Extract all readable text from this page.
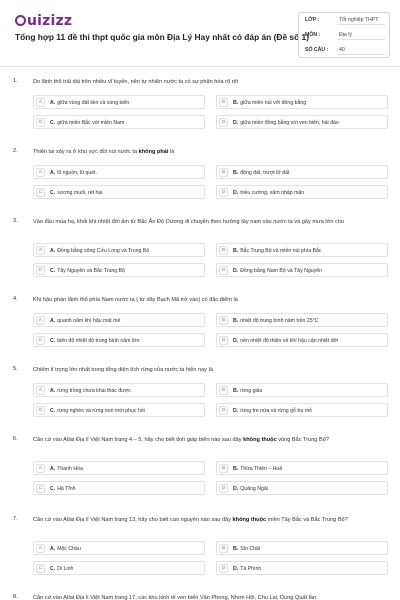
uizizz
Tổng hợp 11 đề thi thpt quốc gia môn Địa Lý Hay nhất có đáp án (Đề số 1)
LỚP :	Tốt nghiệp THPT
MÔN :	Địa lý
SỐ CÂU : 40
1.	Do lãnh thổ trải dài trên nhiều vĩ tuyến, nên tự nhiên nước ta có sự phân hóa rõ rệt
A	A. giữa vùng đất liền và vùng biển	B	B. giữa miền núi với đồng bằng
C	C. giữa miền Bắc với miền Nam	D	D. giữa miền đồng bằng với ven biển, hải đảo
2.	Thiên tai xảy ra ở khu vực đồi núi nước ta không phải là
A	A. lũ nguồn, lũ quét.	B	B. động đất, trượt lở đất
C	C. sương muối, rét hại	D	D. triều cường, xâm nhập mặn
3.	Vào đầu mùa hạ, khối khí nhiệt đới ẩm từ Bắc Ấn Độ Dương di chuyển theo hướng tây nam vào nước ta và gây mưa lớn cho
A	A. Đồng bằng sông Cửu Long và Trung Bộ	B	B. Bắc Trung Bộ và miền núi phía Bắc
C	C. Tây Nguyên và Bắc Trung Bộ	D	D. Đồng bằng Nam Bộ và Tây Nguyên
4.	Khí hậu phần lãnh thổ phía Nam nước ta ( từ dãy Bạch Mã trở vào) có đặc điểm là
A	A. quanh năm khí hậu mát mẻ	B	B. nhiệt độ trung bình năm trên 25°C
C	C. biên độ nhiệt độ trung bình năm lớn	D	D. nền nhiệt độ thiên về khí hậu cận nhiệt đới
5.	Chiếm tỉ trọng lớn nhất trong tổng diện tích rừng của nước ta hiện nay là
A	A. rừng trồng chưa khai thác được	B	B. rừng giàu
C	C. rừng nghèo và rừng non mới phục hồi	D	D. rừng tre nứa và rừng gỗ trụ mỏ
6.	Căn cứ vào Atlat Địa lí Việt Nam trang 4 – 5, hãy cho biết tỉnh giáp biển nào sau đây không thuộc vùng Bắc Trung Bộ?
A	A. Thanh Hóa	B	B. Thừa Thiên – Huế
C	C. Hà Tĩnh	D	D. Quảng Ngãi
7.	Căn cứ vào Atlat Địa lí Việt Nam trang 13, hãy cho biết cao nguyên nào sau đây không thuộc miền Tây Bắc và Bắc Trung Bộ?
A	A. Mộc Châu	B	B. Sín Chải
C	C. Di Linh	D	D. Tà Phình
8.	Căn cứ vào Atlat Địa lí Việt Nam trang 17, các khu kinh tế ven biển Vân Phong, Nhơn Hội, Chu Lai, Dung Quất lần
